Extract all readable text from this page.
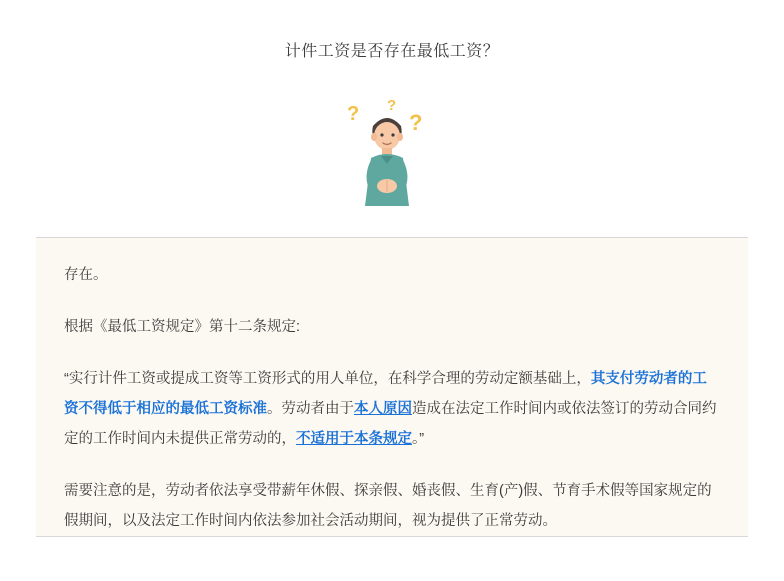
计件工资是否存在最低工资？
? ?
?

存在。

根据《最低工资规定》第十二条规定:

“实行计件工资或提成工资等工资形式的用人单位，在科学合理的劳动定额基础上，其支付劳动者的工资不得低于相应的最低工资标准。劳动者由于本人原因造成在法定工作时间内或依法签订的劳动合同约定的工作时间内未提供正常劳动的，不适用于本条规定。”

需要注意的是，劳动者依法享受带薪年休假、探亲假、婚丧假、生育(产)假、节育手术假等国家规定的假期间，以及法定工作时间内依法参加社会活动期间，视为提供了正常劳动。
